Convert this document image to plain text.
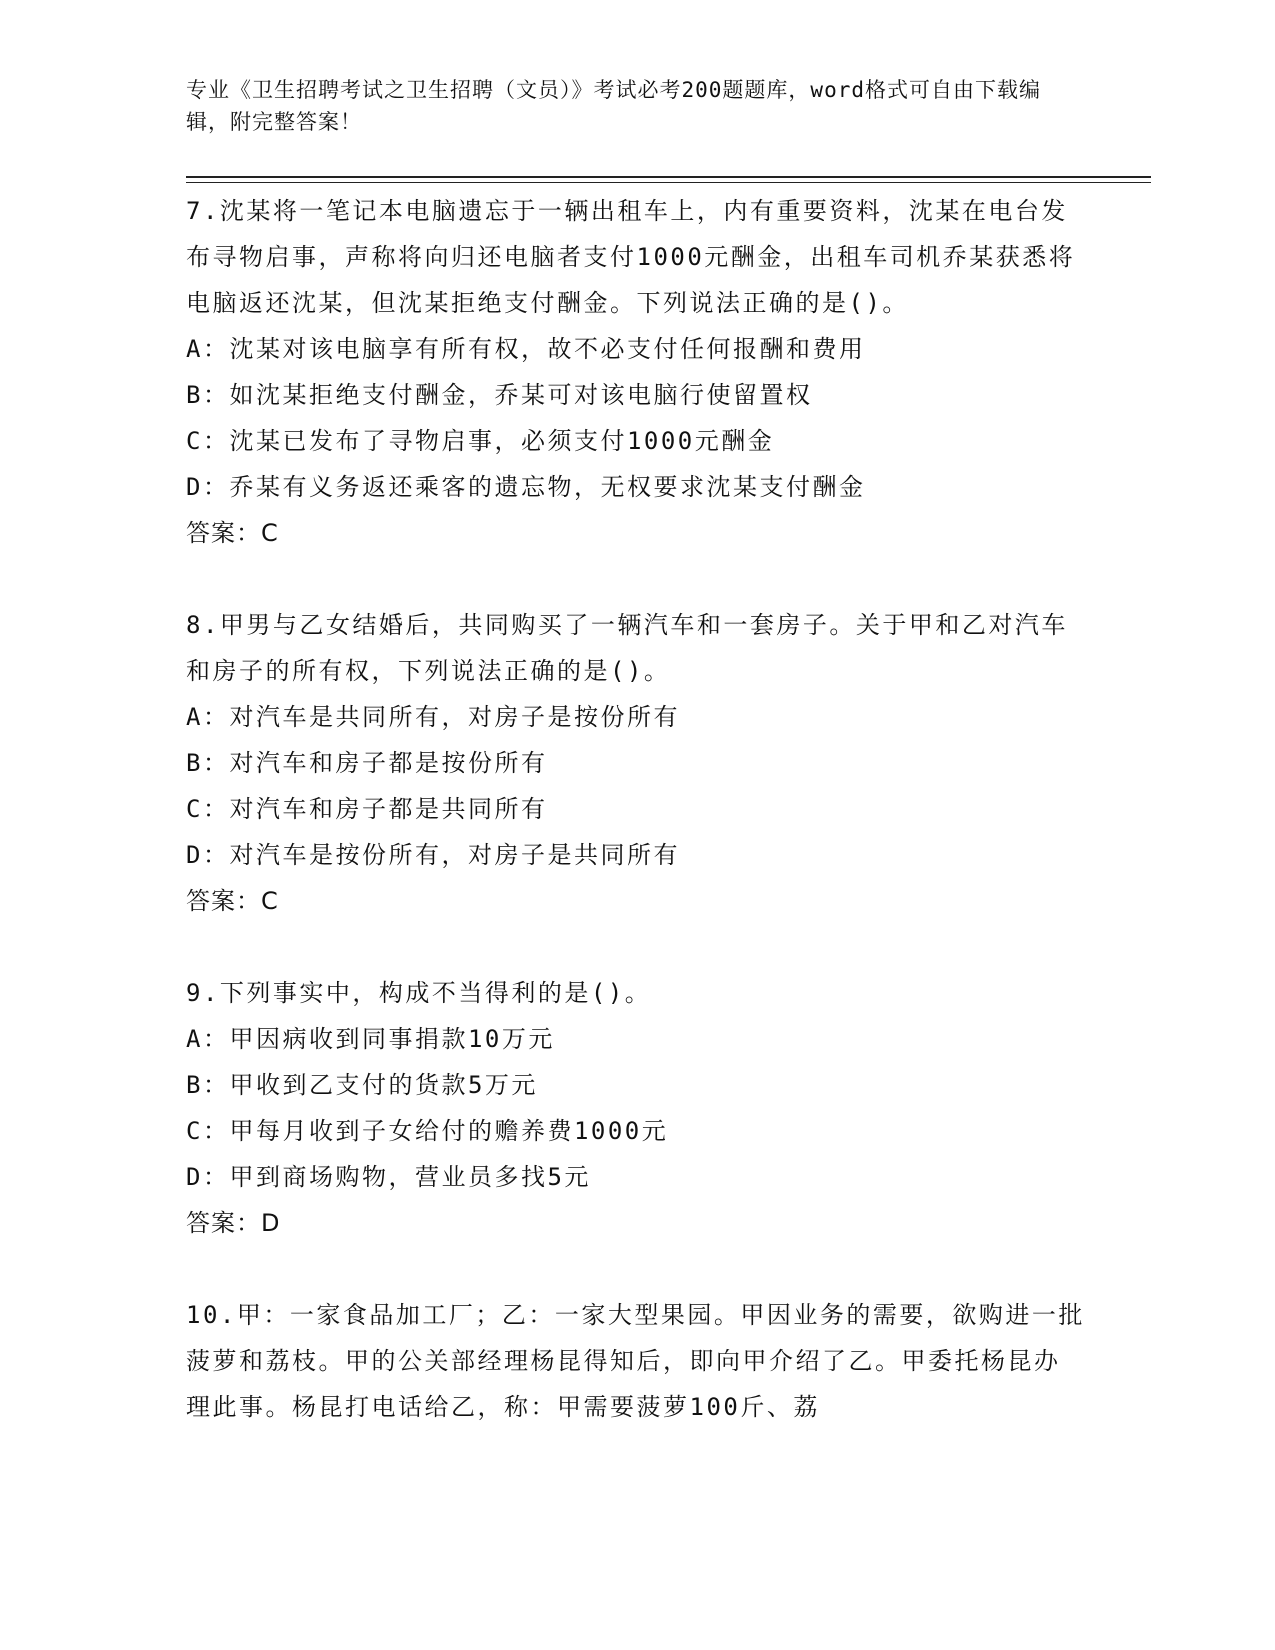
专业《卫生招聘考试之卫生招聘（文员）》考试必考200题题库，word格式可自由下载编辑，附完整答案！

7.沈某将一笔记本电脑遗忘于一辆出租车上，内有重要资料，沈某在电台发布寻物启事，声称将向归还电脑者支付1000元酬金，出租车司机乔某获悉将电脑返还沈某，但沈某拒绝支付酬金。下列说法正确的是()。

A：沈某对该电脑享有所有权，故不必支付任何报酬和费用

B：如沈某拒绝支付酬金，乔某可对该电脑行使留置权

C：沈某已发布了寻物启事，必须支付1000元酬金

D：乔某有义务返还乘客的遗忘物，无权要求沈某支付酬金

答案：C

8.甲男与乙女结婚后，共同购买了一辆汽车和一套房子。关于甲和乙对汽车和房子的所有权，下列说法正确的是()。

A：对汽车是共同所有，对房子是按份所有

B：对汽车和房子都是按份所有

C：对汽车和房子都是共同所有

D：对汽车是按份所有，对房子是共同所有

答案：C

9.下列事实中，构成不当得利的是()。

A：甲因病收到同事捐款10万元

B：甲收到乙支付的货款5万元

C：甲每月收到子女给付的赡养费1000元

D：甲到商场购物，营业员多找5元

答案：D

10.甲：一家食品加工厂；乙：一家大型果园。甲因业务的需要，欲购进一批菠萝和荔枝。甲的公关部经理杨昆得知后，即向甲介绍了乙。甲委托杨昆办理此事。杨昆打电话给乙，称：甲需要菠萝100斤、荔
